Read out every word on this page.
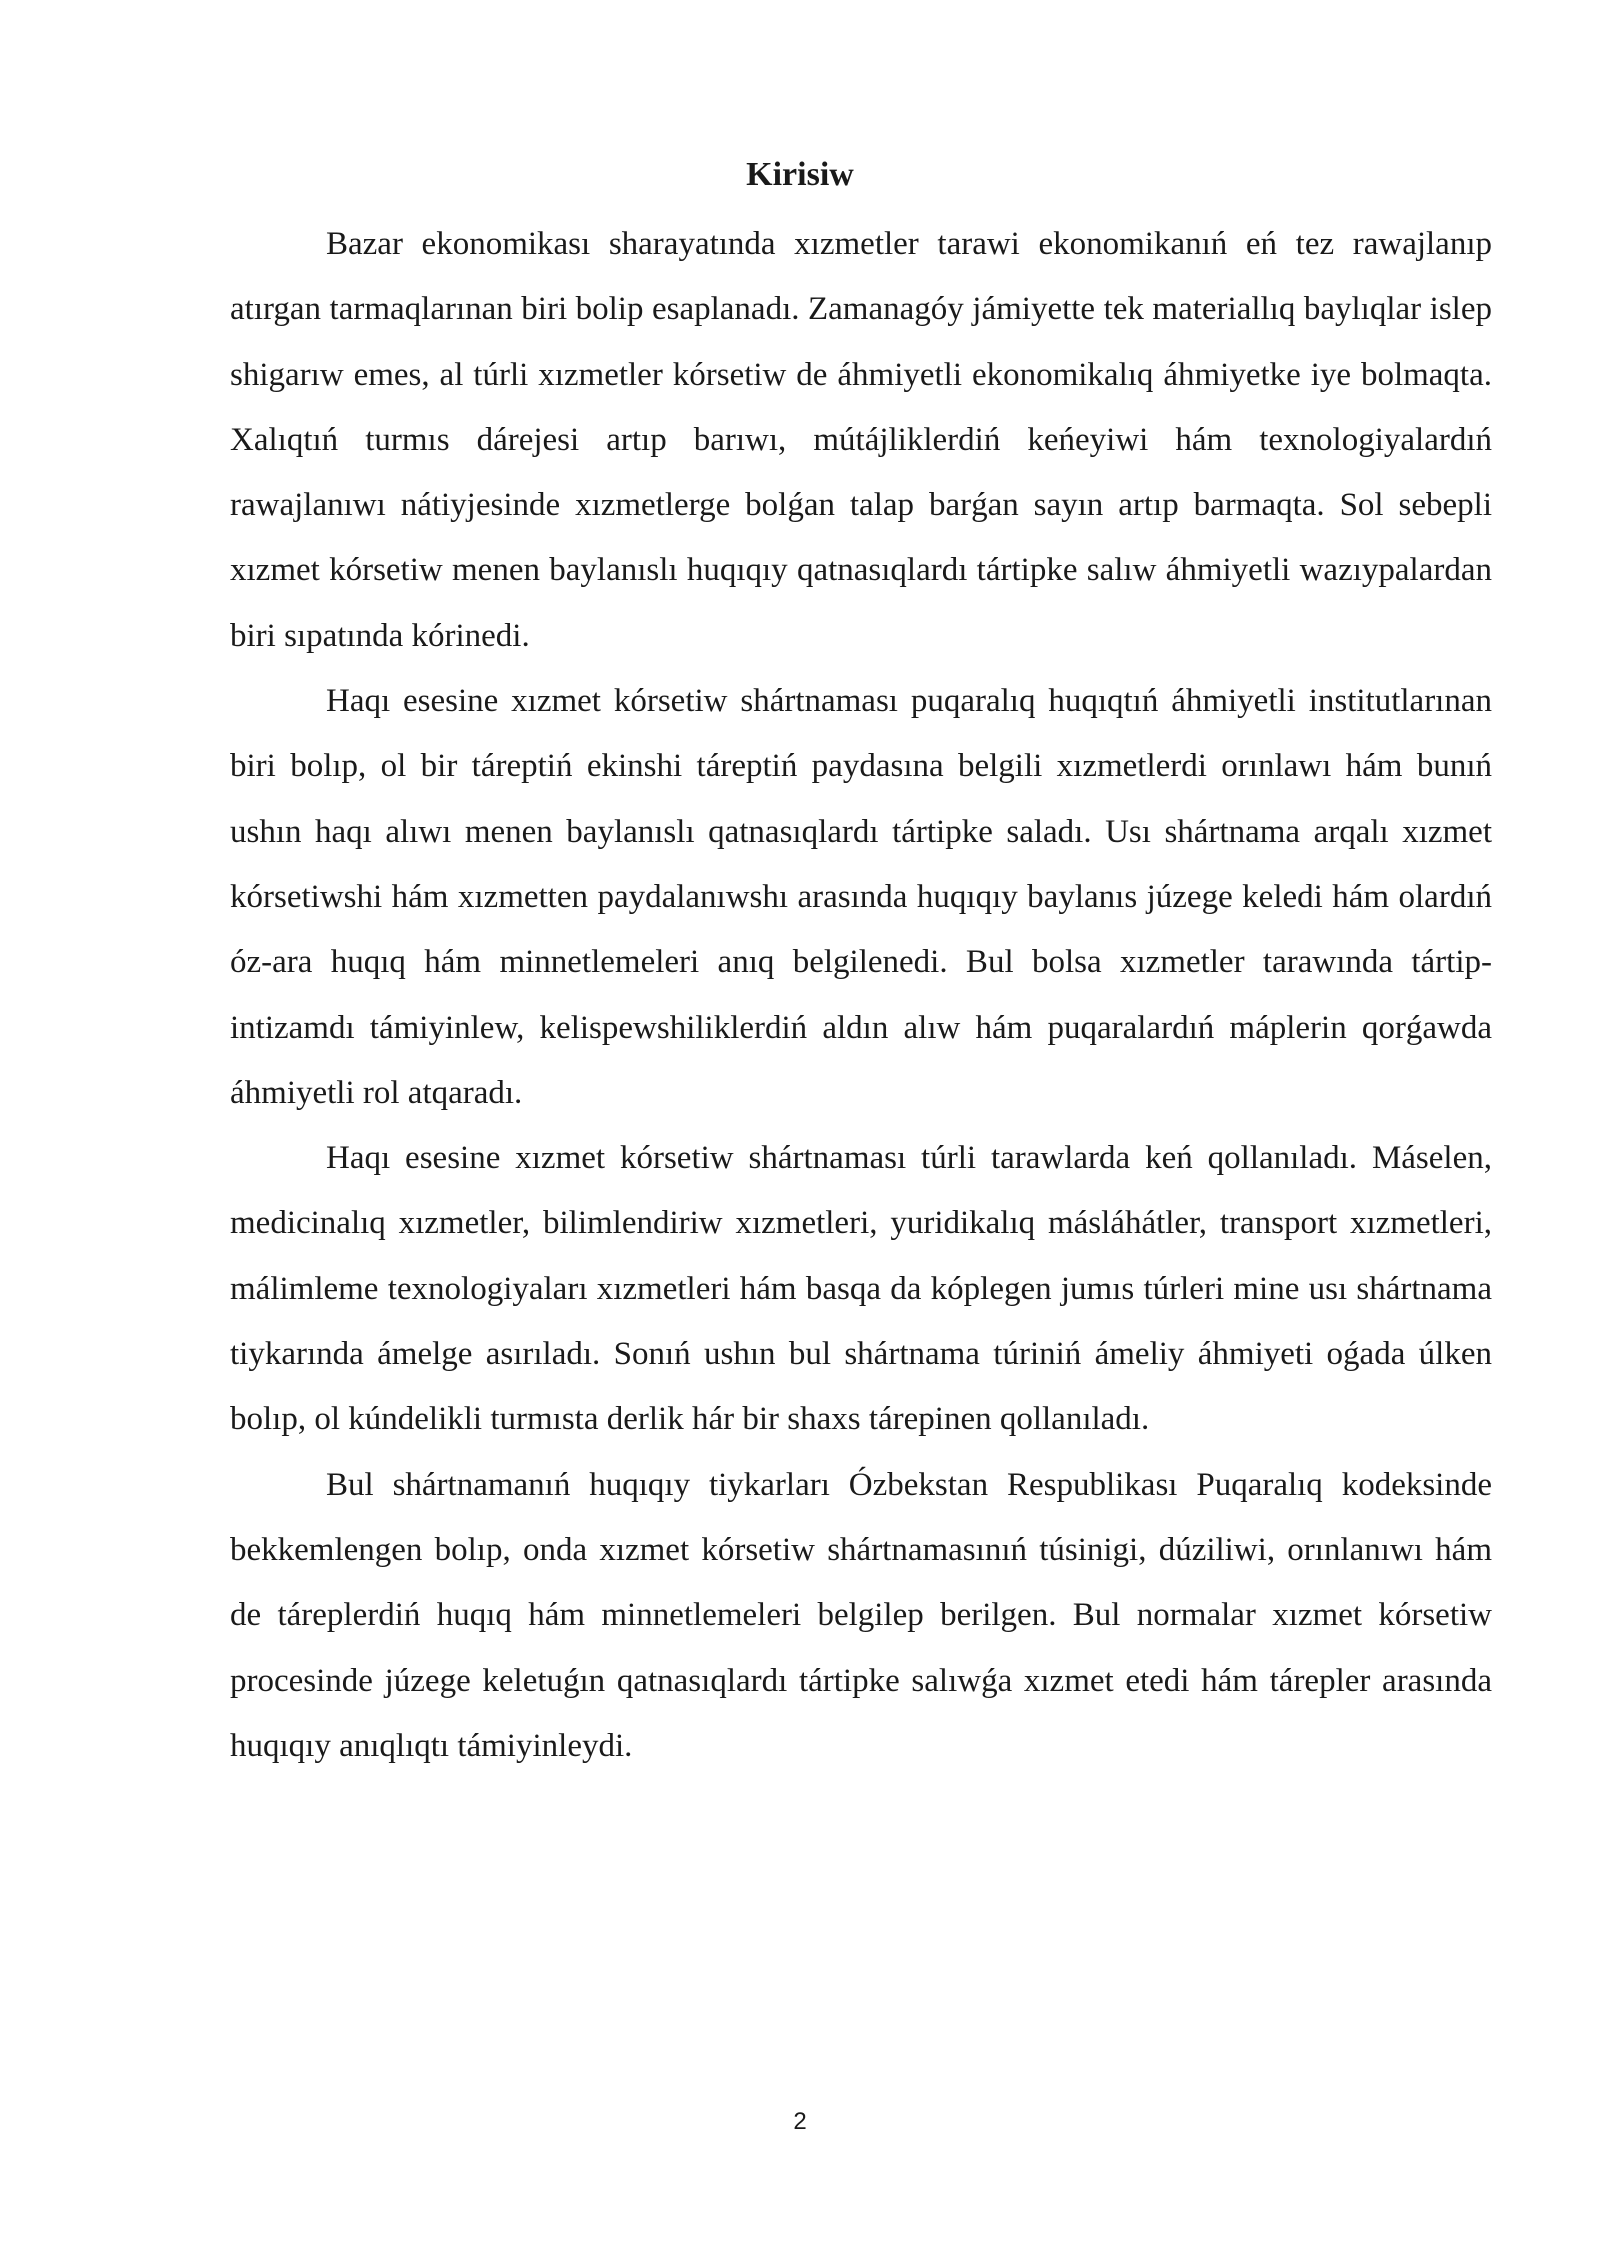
Kirisiw

Bazar ekonomikası sharayatında xızmetler tarawi ekonomikanıń eń tez rawajlanıp atırgan tarmaqlarınan biri bolip esaplanadı. Zamanagóy jámiyette tek materiallıq baylıqlar islep shigarıw emes, al túrli xızmetler kórsetiw de áhmiyetli ekonomikalıq áhmiyetke iye bolmaqta. Xalıqtıń turmıs dárejesi artıp barıwı, mútájliklerdiń keńeyiwi hám texnologiyalardıń rawajlanıwı nátiyjesinde xızmetlerge bolǵan talap barǵan sayın artıp barmaqta. Sol sebepli xızmet kórsetiw menen baylanıslı huqıqıy qatnasıqlardı tártipke salıw áhmiyetli wazıypalardan biri sıpatında kórinedi.

Haqı esesine xızmet kórsetiw shártnaması puqaralıq huqıqtıń áhmiyetli institutlarınan biri bolıp, ol bir táreptiń ekinshi táreptiń paydasına belgili xızmetlerdi orınlawı hám bunıń ushın haqı alıwı menen baylanıslı qatnasıqlardı tártipke saladı. Usı shártnama arqalı xızmet kórsetiwshi hám xızmetten paydalanıwshı arasında huqıqıy baylanıs júzege keledi hám olardıń óz-ara huqıq hám minnetlemeleri anıq belgilenedi. Bul bolsa xızmetler tarawında tártip-intizamdı támiyinlew, kelispewshiliklerdiń aldın alıw hám puqaralardıń máplerin qorǵawda áhmiyetli rol atqaradı.

Haqı esesine xızmet kórsetiw shártnaması túrli tarawlarda keń qollanıladı. Máselen, medicinalıq xızmetler, bilimlendiriw xızmetleri, yuridikalıq másláhátler, transport xızmetleri, málimleme texnologiyaları xızmetleri hám basqa da kóplegen jumıs túrleri mine usı shártnama tiykarında ámelge asırıladı. Sonıń ushın bul shártnama túriniń ámeliy áhmiyeti oǵada úlken bolıp, ol kúndelikli turmısta derlik hár bir shaxs tárepinen qollanıladı.

Bul shártnamanıń huqıqıy tiykarları Ózbekstan Respublikası Puqaralıq kodeksinde bekkemlengen bolıp, onda xızmet kórsetiw shártnamasınıń túsinigi, dúziliwi, orınlanıwı hám de táreplerdiń huqıq hám minnetlemeleri belgilep berilgen. Bul normalar xızmet kórsetiw procesinde júzege keletuǵın qatnasıqlardı tártipke salıwǵa xızmet etedi hám tárepler arasında huqıqıy anıqlıqtı támiyinleydi.

2
